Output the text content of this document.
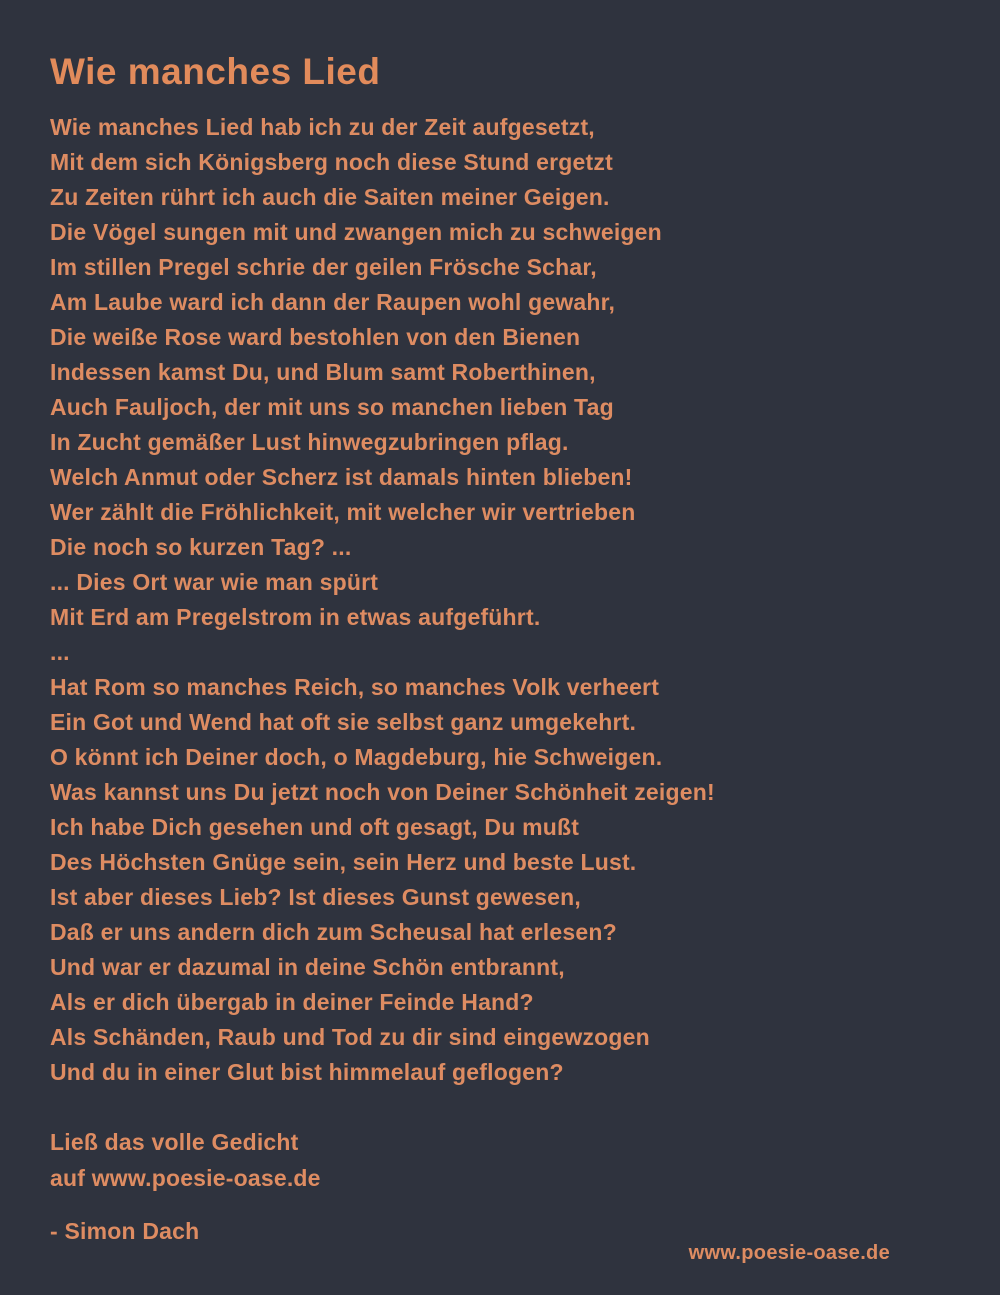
Wie manches Lied
Wie manches Lied hab ich zu der Zeit aufgesetzt,
Mit dem sich Königsberg noch diese Stund ergetzt
Zu Zeiten rührt ich auch die Saiten meiner Geigen.
Die Vögel sungen mit und zwangen mich zu schweigen
Im stillen Pregel schrie der geilen Frösche Schar,
Am Laube ward ich dann der Raupen wohl gewahr,
Die weiße Rose ward bestohlen von den Bienen
Indessen kamst Du, und Blum samt Roberthinen,
Auch Fauljoch, der mit uns so manchen lieben Tag
In Zucht gemäßer Lust hinwegzubringen pflag.
Welch Anmut oder Scherz ist damals hinten blieben!
Wer zählt die Fröhlichkeit, mit welcher wir vertrieben
Die noch so kurzen Tag? ...
... Dies Ort war wie man spürt
Mit Erd am Pregelstrom in etwas aufgeführt.
...
Hat Rom so manches Reich, so manches Volk verheert
Ein Got und Wend hat oft sie selbst ganz umgekehrt.
O könnt ich Deiner doch, o Magdeburg, hie Schweigen.
Was kannst uns Du jetzt noch von Deiner Schönheit zeigen!
Ich habe Dich gesehen und oft gesagt, Du mußt
Des Höchsten Gnüge sein, sein Herz und beste Lust.
Ist aber dieses Lieb? Ist dieses Gunst gewesen,
Daß er uns andern dich zum Scheusal hat erlesen?
Und war er dazumal in deine Schön entbrannt,
Als er dich übergab in deiner Feinde Hand?
Als Schänden, Raub und Tod zu dir sind eingewzogen
Und du in einer Glut bist himmelauf geflogen?
Ließ das volle Gedicht
auf www.poesie-oase.de
- Simon Dach
www.poesie-oase.de
